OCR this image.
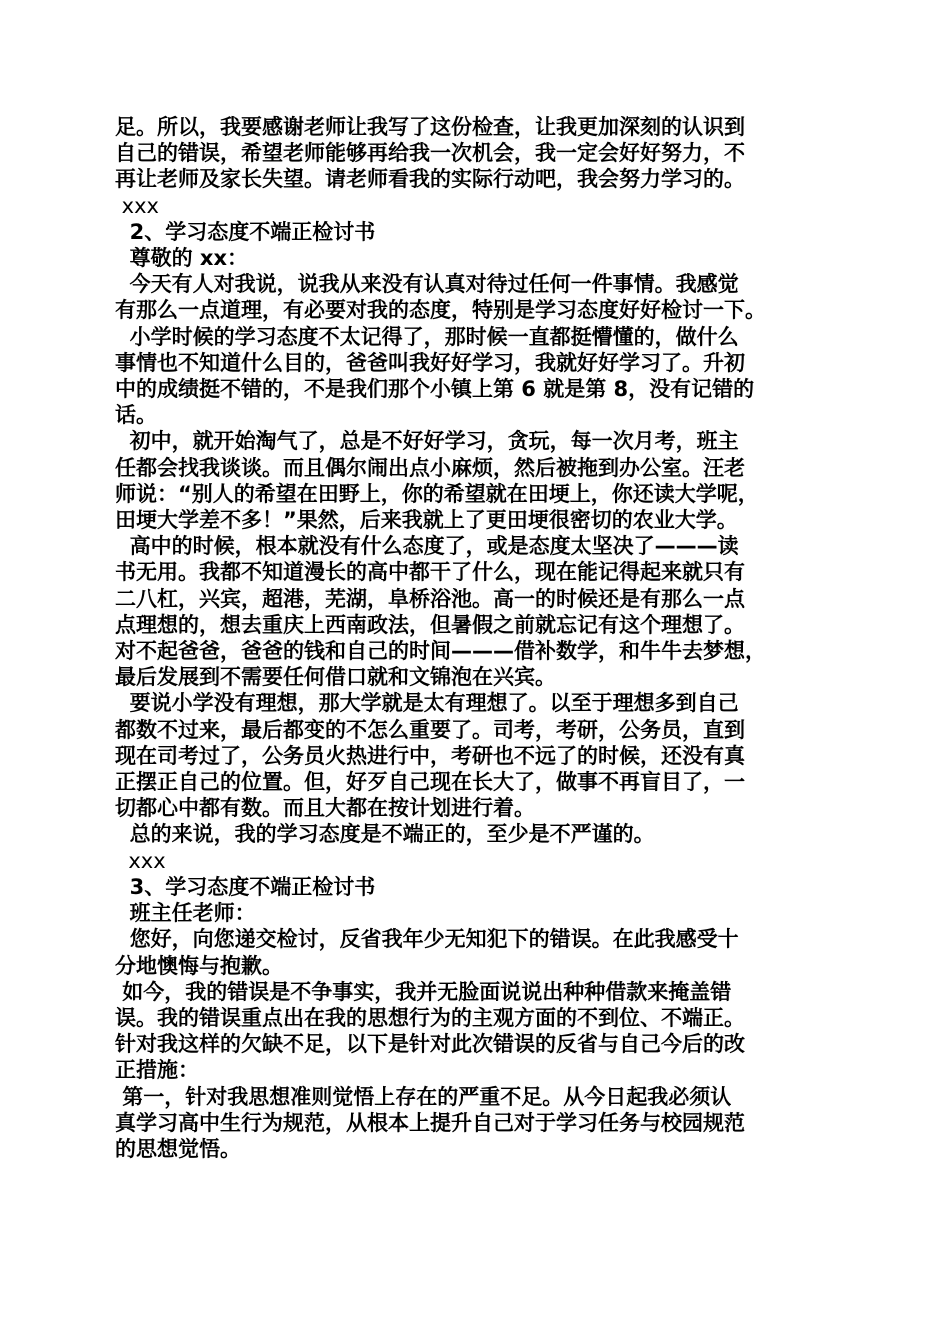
足。所以，我要感谢老师让我写了这份检查，让我更加深刻的认识到
自己的错误，希望老师能够再给我一次机会，我一定会好好努力，不
再让老师及家长失望。请老师看我的实际行动吧，我会努力学习的。
xxx
2、学习态度不端正检讨书
尊敬的 xx：
今天有人对我说，说我从来没有认真对待过任何一件事情。我感觉
有那么一点道理，有必要对我的态度，特别是学习态度好好检讨一下。
小学时候的学习态度不太记得了，那时候一直都挺懵懂的，做什么
事情也不知道什么目的，爸爸叫我好好学习，我就好好学习了。升初
中的成绩挺不错的，不是我们那个小镇上第 6 就是第 8，没有记错的
话。
初中，就开始淘气了，总是不好好学习，贪玩，每一次月考，班主
任都会找我谈谈。而且偶尔闹出点小麻烦，然后被拖到办公室。汪老
师说：“别人的希望在田野上，你的希望就在田埂上，你还读大学呢，
田埂大学差不多！”果然，后来我就上了更田埂很密切的农业大学。
高中的时候，根本就没有什么态度了，或是态度太坚决了———读
书无用。我都不知道漫长的高中都干了什么，现在能记得起来就只有
二八杠，兴宾，超港，芜湖，阜桥浴池。高一的时候还是有那么一点
点理想的，想去重庆上西南政法，但暑假之前就忘记有这个理想了。
对不起爸爸，爸爸的钱和自己的时间———借补数学，和牛牛去梦想，
最后发展到不需要任何借口就和文锦泡在兴宾。
要说小学没有理想，那大学就是太有理想了。以至于理想多到自己
都数不过来，最后都变的不怎么重要了。司考，考研，公务员，直到
现在司考过了，公务员火热进行中，考研也不远了的时候，还没有真
正摆正自己的位置。但，好歹自己现在长大了，做事不再盲目了，一
切都心中都有数。而且大都在按计划进行着。
总的来说，我的学习态度是不端正的，至少是不严谨的。
xxx
3、学习态度不端正检讨书
班主任老师：
您好，向您递交检讨，反省我年少无知犯下的错误。在此我感受十
分地懊悔与抱歉。
如今，我的错误是不争事实，我并无脸面说说出种种借款来掩盖错
误。我的错误重点出在我的思想行为的主观方面的不到位、不端正。
针对我这样的欠缺不足，以下是针对此次错误的反省与自己今后的改
正措施：
第一，针对我思想准则觉悟上存在的严重不足。从今日起我必须认
真学习高中生行为规范，从根本上提升自己对于学习任务与校园规范
的思想觉悟。
